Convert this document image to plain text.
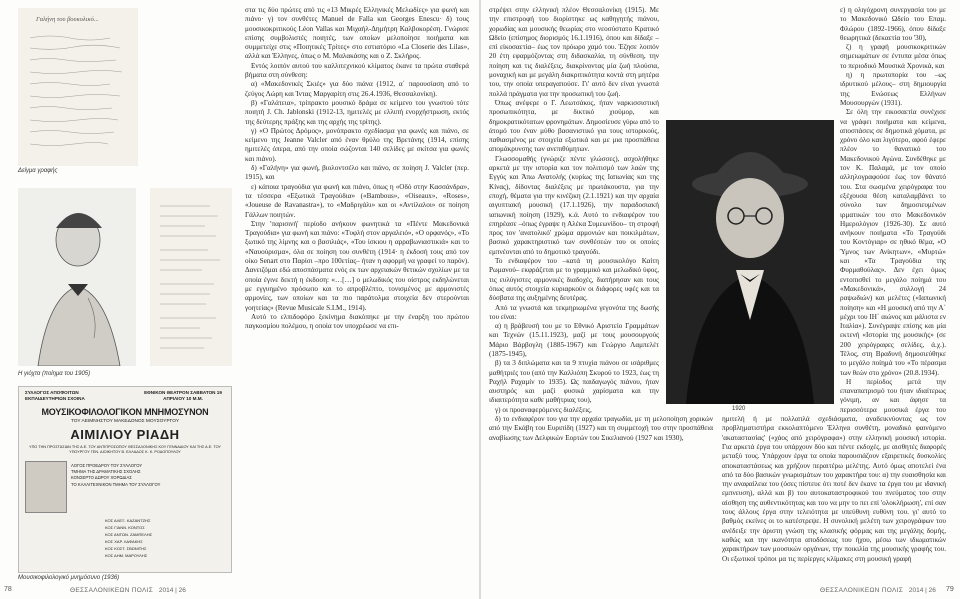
Γαλήνη του βουκολικό...
Δείγμα γραφής
Η γιόχτα (ποίημα του 1905)
ΣΥΛΛΟΓΟΣ ΑΠΟΦΟΙΤΩΝ ΕΚΠΑΙΔΕΥΤΗΡΙΩΝ ΣΧΟΙΝΑ
ΕΘΝΙΚΟΝ ΘΕΑΤΡΟΝ ΣΑΒΒΑΤΟΝ 19 ΑΠΡΙΛΙΟΥ 10 Μ.Μ.
ΜΟΥΣΙΚΟΦΙΛΟΛΟΓΙΚΟΝ ΜΝΗΜΟΣΥΝΟΝ
ΤΟΥ ΑΕΙΜΝΗΣΤΟΥ ΜΑΚΕΔΟΝΟΣ ΜΟΥΣΟΥΡΓΟΥ
ΑΙΜΙΛΙΟΥ ΡΙΑΔΗ
ΥΠΟ ΤΗΝ ΠΡΟΣΤΑΣΙΑΝ ΤΗΣ Α.Ε. ΤΟΥ ΑΝΤΙΠΡΟΣΩΠΟΥ ΘΕΣΣΑΛΟΝΙΚΗΣ ΚΟΥ ΓΕΝΝΑΔΙΟΥ ΚΑΙ ΤΗΣ Α.Ε. ΤΟΥ ΥΠΟΥΡΓΟΥ ΓΕΝ. ΔΙΟΙΚΗΤΟΥ Β. ΕΛΛΑΔΟΣ Κ. Κ. ΡΟΔΟΠΟΥΛΟΥ
ΛΟΓΟΣ ΠΡΟΕΔΡΟΥ ΤΟΥ ΣΥΛΛΟΓΟΥ
ΤΜΗΜΑ ΤΗΣ ΔΡΑΜΑΤΙΚΗΣ ΣΧΟΛΗΣ
ΚΟΝΣΕΡΤΟ ΔΩΡΟΥ ΧΟΡΩΔΙΑΣ
ΤΟ ΚΑΛΛΙΤΕΧΝΙΚΟΝ ΤΜΗΜΑ ΤΟΥ ΣΥΛΛΟΓΟΥ
ΚΟΣ ΑΛΕΞ. ΚΑΖΑΝΤΖΗΣ
ΚΟΣ ΓΙΑΝΝ. ΚΟΝΤΟΣ
ΚΟΣ ΑΝΤΩΝ. ΖΑΜΠΕΛΗΣ
ΚΟΣ ΧΑΡ. ΛΑΦΑΚΗΣ
ΚΟΣ ΚΟΣΤ. ΣΒΩΝΙΤΗΣ
ΚΟΣ ΔΗΜ. ΜΑΡΟΥΛΗΣ
Μουσικοφιλολογικό μνημόσυνο (1936)

στα τις δύο πρώτες από τις «13 Μικρές Ελληνικές Μελωδίες» για φωνή και πιάνο· γ) τον συνθέτες Manuel de Falla και Georges Enescu· δ) τους μουσικοκριτικούς Léon Vallas και Μιχαήλ-Δημήτρη Καλβοκορέση. Γνώρισε επίσης συμβολιστές ποιητές, των οποίων μελοποίησε ποιήματα και συμμετείχε στις «Ποιητικές Τρίτες» στο εστιατόριο «La Closerie des Lilas», αλλά και Έλληνες, όπως ο Μ. Μαλακάσης και ο Ζ. Σκλήρος.

Εντός λοιπόν αυτού του καλλιτεχνικού κλίματος έκανε τα πρώτα σταθερά βήματα στη σύνθεση:

α) «Μακεδονικές Σκιές» για δύο πιάνα (1912, α΄ παρουσίαση από το ζεύγος Λώρη και Ίντας Μαργαρίτη στις 26.4.1936, Θεσσαλονίκη).

β) «Γαλάτεια», τρίπρακτο μουσικό δράμα σε κείμενο του γνωστού τότε ποιητή J. Ch. Jablonski (1912-13, ημιτελές με ελλιπή ενορχήστρωση, εκτός της δεύτερης πράξης και της αρχής της τρίτης).

γ) «Ο Πρώτος Δρόμος», μονόπρακτο σχεδίασμα για φωνές και πιάνο, σε κείμενο της Jeanne Valcler από έναν θρύλο της Βρετάνης (1914, επίσης ημιτελές όπερα, από την οποία σώζονται 140 σελίδες με σκίτσα για φωνές και πιάνο).

δ) «Γαλήνη» για φωνή, βιολοντσέλο και πιάνο, σε ποίηση J. Valcler (περ. 1915), και

ε) κάποια τραγούδια για φωνή και πιάνο, όπως η «Οδό στην Κασσάνδρα», τα τέσσερα «Εξωτικά Τραγούδια» («Bambous», «Oiseaux», «Roses», «Joueuse de Ravanastra»), το «Μαδριγάλι» και οι «Αντίλαλοι» σε ποίηση Γάλλων ποιητών.

Στην 'παρισινή' περίοδο ανήκουν φωνητικά τα «Πέντε Μακεδονικά Τραγούδια» για φωνή και πιάνο: «Τυφλή στον αργαλειό», «Ο ορφανός», «Το ξωτικό της λίμνης και ο βασιλιάς», «Του ίσκιου η αρραβωνιαστικιά» και το «Ναυούρισμα», όλα σε ποίηση του συνθέτη (1914· η έκδοσή τους από τον οίκο Senart στο Παρίσι –προ 100ετίας– ήταν η αφορμή να γραφεί το παρόν). Δανειζόμαι εδώ αποσπάσματα ενός εκ των αρχειακών θετικών σχολίων με τα οποία έγινε δεκτή η έκδοση: «…[…] ο μελωδικός του οίστρος εκδηλώνεται με εγγυημένο πρόσωπο και το απροβλέπτο, τονισμένος με αρμονιστές αρμονίες, των οποίων και τα πιο παράτολμα στοιχεία δεν στερούνται γοητείας» (Revue Musicale S.I.M., 1914).

Αυτό το ελπιδοφόρο ξεκίνημα διακόπηκε με την έναρξη του πρώτου παγκοσμίου πολέμου, η οποία τον υποχρέωσε να επι-

στρέψει στην ελληνική πλέον Θεσσαλονίκη (1915). Με την επιστροφή του διορίστηκε ως καθηγητής πιάνου, χορωδίας και μουσικής θεωρίας στο νεοσύστατο Κρατικό Ωδείο (επίσημος διορισμός 16.1.1916), όπου και δίδαξε –επί είκοσαετία– έως τον πρόωρο χαμό του. Έζησε λοιπόν 20 έτη εφαρμόζοντας στη διδασκαλία, τη σύνθεση, την ποίηση και τις διαλέξεις, διακρίνοντας μία ζωή πλούσια, μοναχική και με μεγάλη διακριτικότητα κοντά στη μητέρα του, την οποία υπεραγαπούσε. Γι' αυτό δεν είναι γνωστά πολλά πράγματα για την προσωπική του ζωή.

Όπως ανέφερε ο Γ. Λεωτσάκος, ήταν ναρκισσιστική προσωπικότητα, με δικτικό χιούμορ, και δημοκρατικότατων φρονημάτων. Δημοσίευσε γύρω από το άτομό του έναν μύθο βασανιστικό για τους ιστορικούς, παθιασμένος με στοιχεία εξωτικά και με μια προσπάθεια απομάκρυνσης των ανεπιθύμητων.

Γλωσσομαθής (γνώριζε πέντε γλώσσες), ασχολήθηκε αρκετά με την ιστορία και τον πολιτισμό των λαών της Εγγύς και Άπω Ανατολής (κυρίως της Ιαπωνίας και της Κίνας), δίδοντας διαλέξεις με πρωτάκουστα, για την εποχή, θέματα για την κινέζικη (2.1.1921) και την αρχαία αιγυπτιακή μουσική (17.1.1926), την παραδοσιακή ιαπωνική ποίηση (1929), κ.ά. Αυτό το ενδιαφέρον του επηρέασε –όπως έγραψε η Αλέκα Συμεωνίδου– τη στροφή προς τον 'ανατολικό' χρώμα αρμονιών και ποικιλμάτων, βασικό χαρακτηριστικό των συνθέσεών του οι οποίες εμπνέονται από το δημοτικό τραγούδι.

Το ενδιαφέρον του –κατά τη μουσικολόγο Καίτη Ρωμανού– εκφράζεται με το γραμμικό και μελωδικό ύφος, τις ευλύγιστες αρμονικές διαδοχές, διατήρησαν και τους όπως αυτός στοιχεία κυριαρκούν οι διάφορες υφές και τα δύσβατα της αυξημένης δευτέρας.

Από τα γνωστά και τεκμηριωμένα γεγονότα της δωσής του είναι:

α) η βράβευσή του με το Εθνικό Αριστείο Γραμμάτων και Τεχνών (15.11.1923), μαζί με τους μουσουργούς Μάριο Βάρβογλη (1885-1967) και Γεώργιο Λαμπελέτ (1875-1945),

β) τα 3 διπλώματα και τα 9 πτυχία πιάνου σε ισάριθμες μαθήτριές του (από την Καλλιόπη Σκυρού το 1923, έως τη Ραχήλ Ραχαμίν το 1935). Ως παιδαγωγός πιάνου, ήταν αυστηρός και μαζί φυσικά χαρίσματα και την ιδιαιτερότητα καθε μαθήτριας του),

γ) οι προαναφερόμενες διαλέξεις,

δ) το ενδιαφέρον του για την αρχαία τραγωδία, με τη μελοποίηση χορικών από την Εκάβη του Ευριπίδη (1927) και τη συμμετοχή του στην προσπάθεια αναβίωσης των Δελφικών Εορτών του Σικελιανού (1927 και 1930),

ε) η ολιγόχρονη συνεργασία του με το Μακεδονικό Ωδείο του Επαμ. Φλώρου (1892-1966), όπου δίδαξε θεωρητικά (δεκαετία του '30),

ζ) η γραφή μουσικοκριτικών σημειωμάτων σε έντυπα μέσα όπως το περιοδικό Μουσικά Χρονικά, και

η) η πρωτοπορία του –ως ιδρυτικού μέλους– στη δημιουργία της Ενώσεως Ελλήνων Μουσουργών (1931).

Σε όλη την εικοσαετία συνέχισε να γράφει ποιήματα και κείμενα, αποσπάσεις σε δημοτικά χόματα, με χρόνο όλο και λιγότερο, αφού έφερε πλέον το θανατικό του Μακεδονικού Αγώνα. Συνδέθηκε με τον Κ. Παλαμά, με τον οποίο αλληλογραφούσε έως τον θάνατό του. Στα σωσμένα χειρόγραφα του εξέχουσα θέση καταλαμβάνει το σύνολο των δημοσιευμένων ιρματικών του στο Μακεδονικόν Ημερολόγιον (1926-30). Σε αυτό ανήκουν ποιήματα «Το Τραγούδι του Κοντόγιαρ» σε ηθικό θέμα, «Ο Ύμνος των Ανίκητων», «Μυρτώ» και «Τα Τραγούδια της Φυρμαθούλας». Δεν έχει όμως εντοπισθεί το μεγάλο ποίημά του «Μακεδονικά», συλλογή 24 ραψωδιών) και μελέτες («Ιαπωνική ποίηση» και «Η μουσική από την Α΄ μέχρι του ΙΗ΄ αιώνος και μάλιστα εν Ιταλία»). Συνέγραψε επίσης και μία εκτενή «Ιστορία της μουσικής» (σε 200 χειρόγραφες σελίδες, ά.χ.). Τέλος, στη Βραδυνή δημοσιεύθηκε το μεγάλο ποίημά του «Το πέρασμα των θεών στο χρόνο» (20.8.1934).

Η περίοδος μετά την επαναπατρισμό του ήταν ιδιαίτερως γόνιμη, αν και άφησε τα περισσότερα μουσικά έργα του ημιτελή ή με πολλαπλά σχεδιάσματα, αναδεικνύοντας ως τον προβληματιστήρα εκκολαπτόμενο Έλληνα συνθέτη, μοναδικό φαινόμενο 'ακαταστασίας' («χάος από χειρόγραφα») στην ελληνική μουσική ιστορία. Για αρκετά έργα του υπάρχουν δύο και πέντε εκδοχές, με αισθητές διαφορές μεταξύ τους. Υπάρχουν έργα τα οποία παρουσιάζουν εξαιρετικές δυσκολίες αποκαταστάσεως και χρήζουν περαιτέρω μελέτης. Αυτό όμως αποτελεί ένα από τα δύο βασικών γνωρισμάτων του χαρακτήρα του: α) την ευαισθησία και την αναφαίλεια του (όσες πίστευε ότι ποτέ δεν έκανε τα έργα του με ιδανική εμπνευση), αλλά και β) του αυτοκαταστροφικού του πνεύματος του στην αίσθηση της αυθεντικότητας και του να μην το πει επί 'ολοκλήρωση', επί σαν τους άλλους έργα στην τελειότητα με υπεύθυνη ευθύνη του. γι' αυτό το βαθμός εκείνες οι το κατέστρεψε. Η συνολική μελέτη των χειρογράφων του ανέδειξε την άριστη γνώση της κλασικής φόρμας και της μεγάλης δομής, καθώς και την ικανότητα αποδόσεως του ήχου, μέσω των ιδιωματικών χαρακτήρων των μουσικών οργάνων, την ποικιλία της μουσικής γραφής του. Οι εξωτικοί τρόποι μα τις περίεργες κλίμακες στη μουσική γραφή

1920
78	ΘΕΣΣΑΛΟΝΙΚΕΩΝ ΠΟΛΙΣ 2014 | 26	ΘΕΣΣΑΛΟΝΙΚΕΩΝ ΠΟΛΙΣ 2014 | 26 79
